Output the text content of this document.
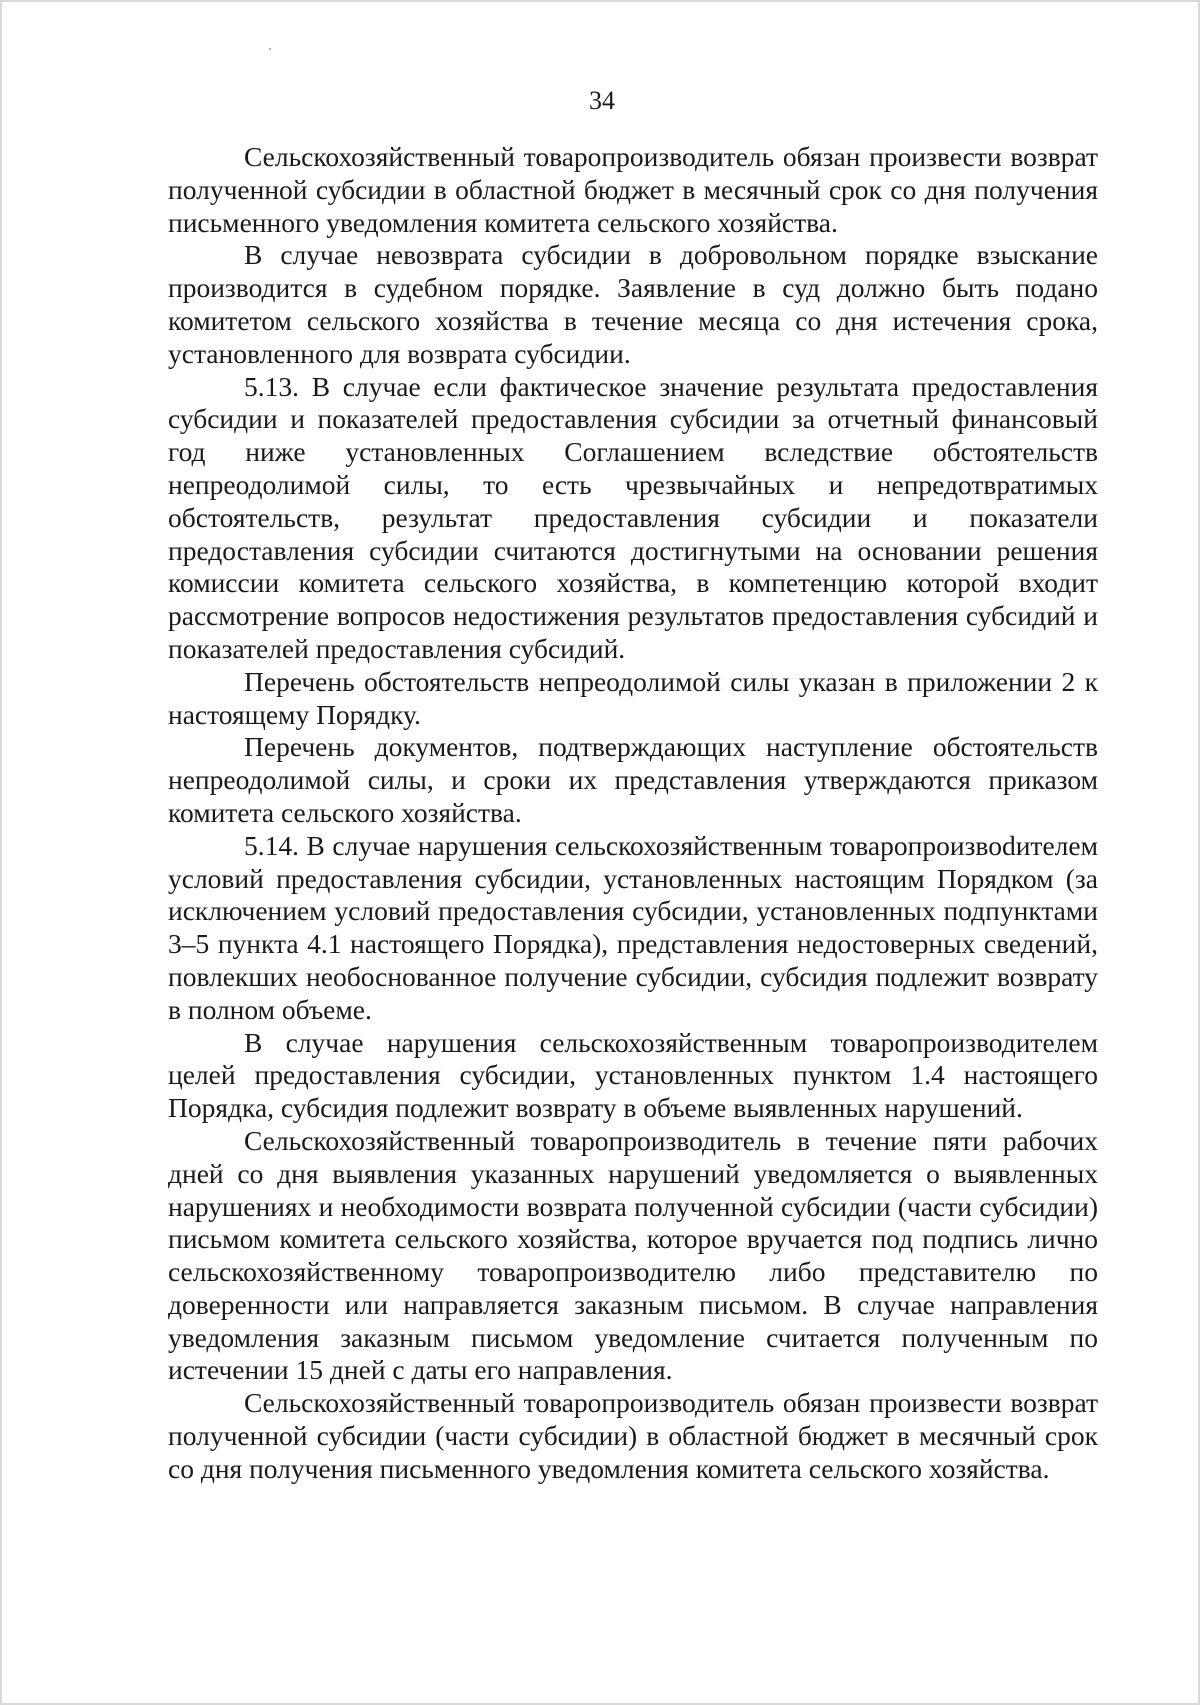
34

Сельскохозяйственный товаропроизводитель обязан произвести возврат полученной субсидии в областной бюджет в месячный срок со дня получения письменного уведомления комитета сельского хозяйства.

В случае невозврата субсидии в добровольном порядке взыскание производится в судебном порядке. Заявление в суд должно быть подано комитетом сельского хозяйства в течение месяца со дня истечения срока, установленного для возврата субсидии.

5.13. В случае если фактическое значение результата предоставления субсидии и показателей предоставления субсидии за отчетный финансовый год ниже установленных Соглашением вследствие обстоятельств непреодолимой силы, то есть чрезвычайных и непредотвратимых обстоятельств, результат предоставления субсидии и показатели предоставления субсидии считаются достигнутыми на основании решения комиссии комитета сельского хозяйства, в компетенцию которой входит рассмотрение вопросов недостижения результатов предоставления субсидий и показателей предоставления субсидий.

Перечень обстоятельств непреодолимой силы указан в приложении 2 к настоящему Порядку.

Перечень документов, подтверждающих наступление обстоятельств непреодолимой силы, и сроки их представления утверждаются приказом комитета сельского хозяйства.

5.14. В случае нарушения сельскохозяйственным товаропроизвоdителем условий предоставления субсидии, установленных настоящим Порядком (за исключением условий предоставления субсидии, установленных подпунктами 3–5 пункта 4.1 настоящего Порядка), представления недостоверных сведений, повлекших необоснованное получение субсидии, субсидия подлежит возврату в полном объеме.

В случае нарушения сельскохозяйственным товаропроизводителем целей предоставления субсидии, установленных пунктом 1.4 настоящего Порядка, субсидия подлежит возврату в объеме выявленных нарушений.

Сельскохозяйственный товаропроизводитель в течение пяти рабочих дней со дня выявления указанных нарушений уведомляется о выявленных нарушениях и необходимости возврата полученной субсидии (части субсидии) письмом комитета сельского хозяйства, которое вручается под подпись лично сельскохозяйственному товаропроизводителю либо представителю по доверенности или направляется заказным письмом. В случае направления уведомления заказным письмом уведомление считается полученным по истечении 15 дней с даты его направления.

Сельскохозяйственный товаропроизводитель обязан произвести возврат полученной субсидии (части субсидии) в областной бюджет в месячный срок со дня получения письменного уведомления комитета сельского хозяйства.
